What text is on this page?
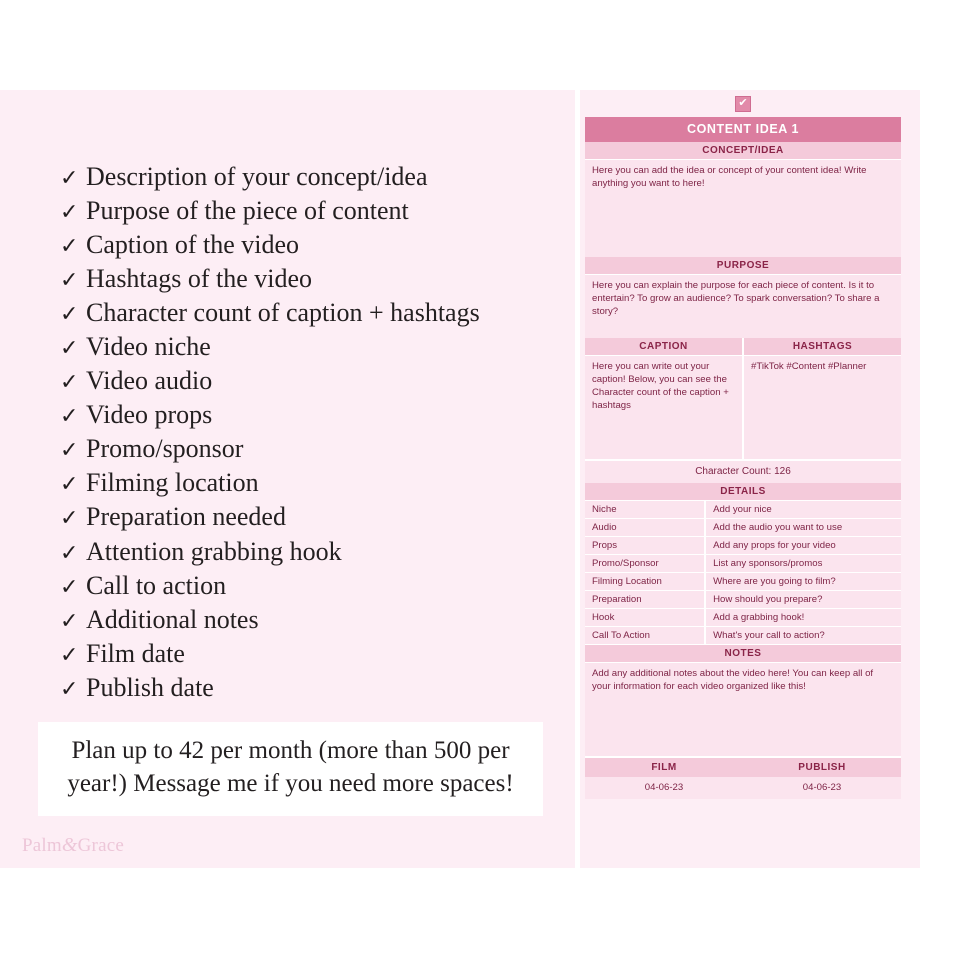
✓ Description of your concept/idea
✓ Purpose of the piece of content
✓ Caption of the video
✓ Hashtags of the video
✓ Character count of caption + hashtags
✓ Video niche
✓ Video audio
✓ Video props
✓ Promo/sponsor
✓ Filming location
✓ Preparation needed
✓ Attention grabbing hook
✓ Call to action
✓ Additional notes
✓ Film date
✓ Publish date

Plan up to 42 per month (more than 500 per year!) Message me if you need more spaces!

Palm&Grace
✔
CONTENT IDEA 1
CONCEPT/IDEA
Here you can add the idea or concept of your content idea! Write anything you want to here!
PURPOSE
Here you can explain the purpose for each piece of content. Is it to entertain? To grow an audience? To spark conversation? To share a story?
CAPTION	HASHTAGS
Here you can write out your caption! Below, you can see the Character count of the caption + hashtags
#TikTok #Content #Planner
Character Count: 126
DETAILS
Niche	Add your nice
Audio	Add the audio you want to use
Props	Add any props for your video
Promo/Sponsor	List any sponsors/promos
Filming Location	Where are you going to film?
Preparation	How should you prepare?
Hook	Add a grabbing hook!
Call To Action	What's your call to action?
NOTES
Add any additional notes about the video here! You can keep all of your information for each video organized like this!
FILM	PUBLISH
04-06-23	04-06-23
